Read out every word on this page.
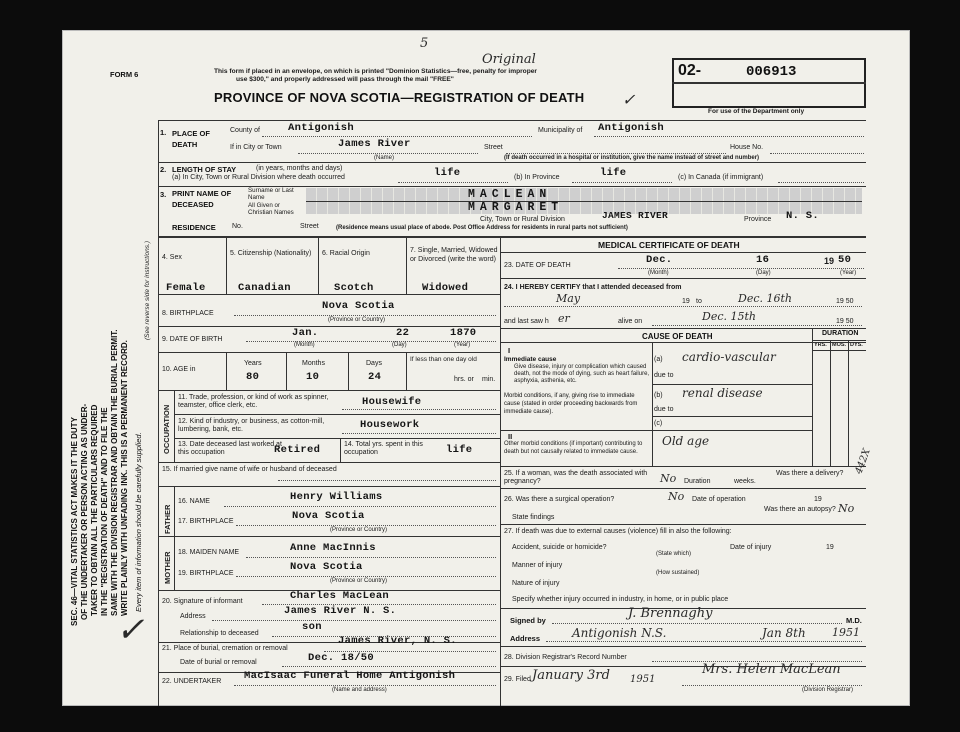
SEC. 46—VITAL STATISTICS ACT MAKES IT THE DUTY OF THE UNDERTAKER OR PERSON ACTING AS UNDER- TAKER TO OBTAIN ALL THE PARTICULARS REQUIRED IN THE "REGISTRATION OF DEATH" AND TO FILE THE SAME WITH THE DIVISION REGISTRAR AND OBTAIN THE BURIAL PERMIT. WRITE PLAINLY WITH UNFADING INK. THIS IS A PERMANENT RECORD. Every item of information should be carefully supplied.
(See reverse side for instructions.)
FORM 6	This form if placed in an envelope, on which is printed "Dominion Statistics—free, penalty for improper
use $300," and properly addressed will pass through the mail "FREE"
PROVINCE OF NOVA SCOTIA—REGISTRATION OF DEATH
Original
5
✓
02-	006913
For use of the Department only
1. PLACE OF DEATH
County of	Antigonish	Municipality of Antigonish
If in City or Town	James River
(Name)
Street	House No.
(If death occurred in a hospital or institution, give the name instead of street and number)
2. LENGTH OF STAY	(in years, months and days)
(a) In City, Town or Rural Division where death occurred	life	(b) In Province	life	(c) In Canada (if immigrant)
3. PRINT NAME OF DECEASED
Surname or Last Name
All Given or Christian Names
MACLEAN
MARGARET
RESIDENCE No.	Street
City, Town or Rural Division	JAMES RIVER	Province N. S.
(Residence means usual place of abode. Post Office Address for residents in rural parts not sufficient)
4. Sex
5. Citizenship (Nationality)	6. Racial Origin	7. Single, Married, Widowed or Divorced (write the word)
Female	Canadian	Scotch	Widowed
8. BIRTHPLACE
Nova Scotia
(Province or Country)
9. DATE OF BIRTH
Jan.	22	1870
(Month)	(Day)	(Year)
10. AGE in
Years	Months	Days
If less than one day old
80	10	24	hrs. or min.
OCCUPATION
11. Trade, profession, or kind of work as spinner, teamster, office clerk, etc.	Housewife
12. Kind of industry, or business, as cotton-mill, lumbering, bank, etc.	Housework
13. Date deceased last worked at this occupation	Retired	14. Total yrs. spent in this occupation	life
15. If married give name of wife or husband of deceased
FATHER
MOTHER
16. NAME	Henry Williams
17. BIRTHPLACE	Nova Scotia
(Province or Country)
18. MAIDEN NAME	Anne MacInnis
19. BIRTHPLACE
Nova Scotia
(Province or Country)
20. Signature of informant	Charles MacLean
Address	James River N. S.
Relationship to deceased
son
21. Place of burial, cremation or removal
James River, N. S.
Date of burial or removal	Dec. 18/50
22. UNDERTAKER MacIsaac Funeral Home Antigonish
(Name and address)
MEDICAL CERTIFICATE OF DEATH
23. DATE OF DEATH	Dec.	16	19 50
(Month)	(Day)	(Year)
24. I HEREBY CERTIFY that I attended deceased from
May	19 to	Dec. 16th	19 50
and last saw h er	alive on	Dec. 15th	19 50
CAUSE OF DEATH	DURATION
YRS. MOS. DYS.
I
Immediate cause
Give disease, injury or complication which caused death, not the mode of dying, such as heart failure, asphyxia, asthenia, etc.
(a) cardio-vascular
due to
Morbid conditions, if any, giving rise to immediate cause (stated in order proceeding backwards from immediate cause).
(b) renal disease
due to
(c)
II
Other morbid conditions (if important) contributing to death but not causally related to immediate cause.
Old age
25. If a woman, was the death associated with pregnancy?	No Duration	weeks.
Was there a delivery? 442X
26. Was there a surgical operation?	No Date of operation	19
State findings
Was there an autopsy? No
27. If death was due to external causes (violence) fill in also the following:
Accident, suicide or homicide?
(State which)
Date of injury	19
Manner of injury
(How sustained)
Nature of injury
Specify whether injury occurred in industry, in home, or in public place
Signed by	J. Brennaghy	M.D.
Address	Antigonish N.S.	Jan 8th 1951
28. Division Registrar's Record Number
29. Filed January 3rd 1951
Mrs. Helen MacLean
(Division Registrar)
✓
